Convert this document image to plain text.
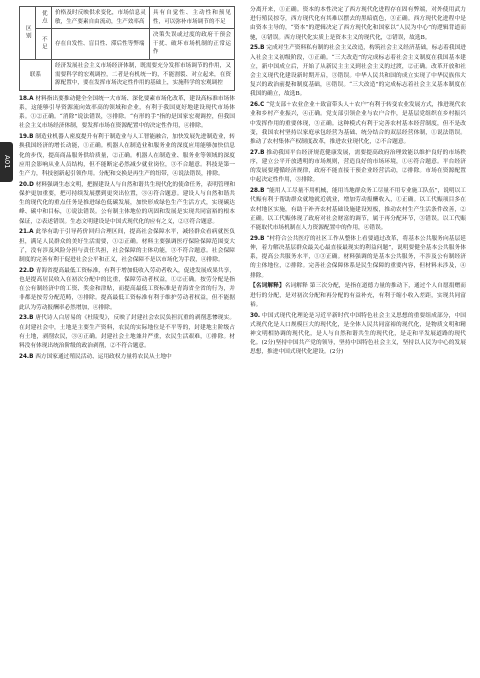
A01
区别	优点	价格及时反映供求变化，市场信息灵敏，生产要素自由流动，生产效率高	具有自觉性、主动性和预见性，可以弥补市场调节的不足
	不足	存在自发性、盲目性、滞后性等弊端	决策失误或过度的政府干预会干扰、破坏市场机制的正常运作
联系		经济发展社会主义市场经济体制，既需要充分发挥市场调节的作用，又需要科学的宏观调控，二者是有机统一的，不能割裂、对立起来，在资源配置中，要在发挥市场决定性作用的基础上，实施科学的宏观调控	

18.A 材料指出要推动健全全国统一大市场、深化要素市场化改革，建设高标准市场体系，这能够引导资源流向效率高的领域和企业，有利于我国更好地建设现代市场体系。①②正确。“消除”说法错误，③排除。“有形的手”指的是国家宏观调控，但我国社会主义市场经济体制，要发挥市场在资源配置中的决定性作用，④排除。

19.B 制造业机器人密度提升有利于制造业与人工智能融合，加快发展先进制造业，转换我国经济的增长动能，①正确。机器人在制造业和服务业的深度应用能够加快信息化的步伐，提高商品服务供给质量，②正确。机器人在制造业、服务业等领域的深度应用会影响从业人员结构，但不能断定必然减少就业岗位，③不合题意。科技是第一生产力，科技创新起引领作用。分配和交换是再生产的纽带，④说法错误，排除。

20.D 材料强调生态文明，把握建设人与自然和谐共生现代化的使命任务，表明管理和保护更加重要，把可持续发展摆到更突出位置，③④符合题意。建设人与自然和谐共生的现代化的重点任务是推进绿色低碳发展，加快形成绿色生产生活方式，实现碳达峰、碳中和目标，①说法错误。公有制主体地位的巩固和发展是实现共同富裕的根本保证，②表述错误。生态文明建设是中国式现代化的应有之义，②③符合题意。

21.A 此举有助于引导药价回归合理区间，提高社会保障水平，减轻群众看病就医负担，满足人民群众的美好生活需要，①②正确。材料主要强调医疗保险保障范围变大了，没有涉及风险分担与责任共担，社会保障的主体功能，③不符合题意。社会保障制度的完善有利于促进社会公平和正义，社会保障不是以市场化为手段，④排除。

22.D 青海省提高最低工资标准，有利于增加低收入劳动者收入，促进发展成果共享，也是提高居民收入在初次分配中的比重，保障劳动者权益，①②正确。按劳分配是指在公有制经济中的工资、奖金和津贴，而提高最低工资标准是青海省全省的行为，并非都是按劳分配范畴，③排除。提高最低工资标准有利于维护劳动者权益，但不能据此认为劳动报酬率必然增加，④排除。

23.B 唐代诗人白居易的《杜陵叟》，反映了封建社会农民负担沉重的剥削悲惨现实。在封建社会中，土地是主要生产资料，农民的实际地位是不平等的，封建地主阶级占有土地，剥削农民，③④正确。封建社会土地兼并严重，农民生活艰难，①排除。材料没有体现出统治阶级的政治剥削，②不符合题意。

24.B 西方国家通过殖民活动、运用政权力量将农民从土地中

分离开来，①正确。资本的本性决定了西方现代化进程存在固有弊端，对外使用武力进行殖民掠夺，西方现代化有其难以摆去的黑暗底色，③正确。西方现代化进程中是由资本主导的，“资本”的逻辑决定了西方现代化和国家以“人民为中心”的逻辑背道而驰，④错误。西方现代化实质上是资本主义的现代化，②错误，故选B。

25.B 完成对生产资料私有制的社会主义改造，构筑社会主义经济基础，标志着我国进入社会主义初级阶段，①正确。“三大改造”的完成标志着社会主义制度在我国基本建立，新中国成立后，开始了从新民主主义到社会主义的过渡，②正确。改革开放和社会主义现代化建设新时期开启，③错误。中华人民共和国的成立实现了中华民族伟大复兴的政治前提和制度基础，④错误。“三大改造”的完成标志着社会主义基本制度在我国的确立，故选B。

26.C “党支部＋农业企业＋致富带头人＋农户”有利于转变农业发展方式，推进现代农业和乡村产业振兴，④正确。党支部引领企业与农户合作，是基层党组织在乡村振兴中发挥作用的重要体现，③正确。这种模式有利于完善农村基本经营制度，但不是改变，我国农村坚持以家庭承包经营为基础、统分结合的双层经营体制，①说法错误。推动了农村集体产权制度改革，推进农业现代化，②不合题意。

27.B 推动我国平台经济规范健康发展，需要提高政府治理效能以维护良好的市场秩序，建立公平开放透明的市场规则，营造良好的市场环境，①④符合题意。平台经济的发展要遵循经济规律，政府不能直接干预企业经营活动，②排除。市场在资源配置中起决定性作用，③排除。

28.B “能用人工尽量不用机械，能用当地群众务工尽量不用专业施工队伍”，说明以工代赈有利于帮助群众就地就近就业，增加劳动报酬收入，①正确。以工代赈项目多在农村地区实施，有助于补齐农村基础设施建设短板，推动农村生产生活条件改善，②正确。以工代赈体现了政府对社会财富的调节，属于再分配环节，③错误。以工代赈不能取代市场机制在人力资源配置中的作用，④错误。

29.B “村符合公共医疗的社区工作从整体上看要通过改革，将基本公共服务向基层延伸，着力解决基层群众最关心最直接最现实的利益问题”，说明要健全基本公共服务体系，提高公共服务水平，①③正确。材料强调的是基本公共服务，不涉及公有制经济的主体地位，②排除。完善社会保障体系是民生保障的重要内容，但材料未涉及，④排除。

【名词解释】名词解释 第三次分配，是指在道德力量的推动下，通过个人自愿捐赠而进行的分配，是对初次分配和再分配的有益补充，有利于缩小收入差距，实现共同富裕。

30. 中国式现代化理论是习近平新时代中国特色社会主义思想的重要组成部分，中国式现代化是人口规模巨大的现代化，是全体人民共同富裕的现代化，是物质文明和精神文明相协调的现代化，是人与自然和谐共生的现代化，是走和平发展道路的现代化。(2分)坚持中国共产党的领导，坚持中国特色社会主义，坚持以人民为中心的发展思想，推进中国式现代化建设。(2分)
